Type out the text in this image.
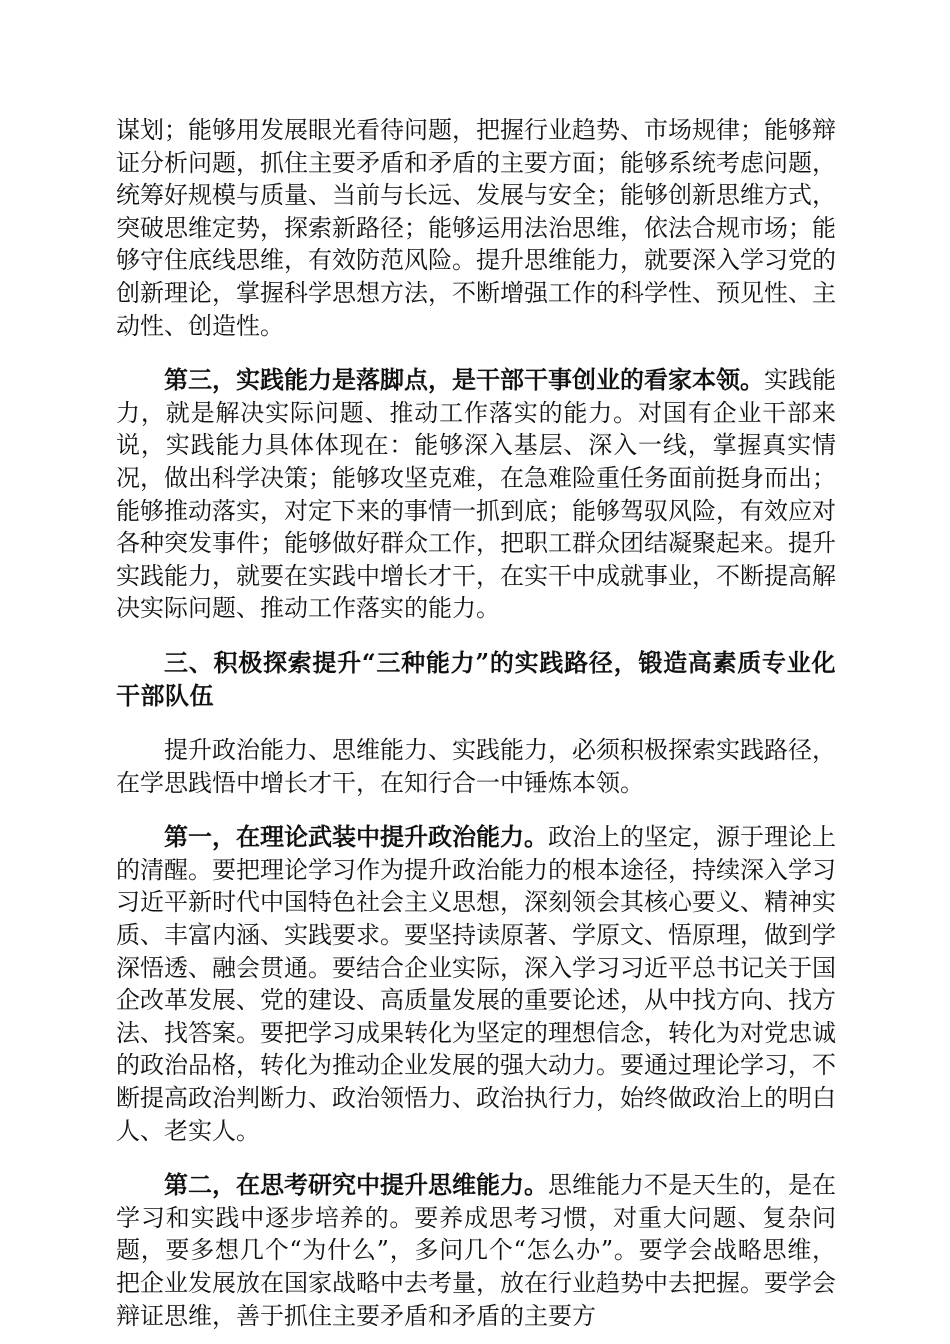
谋划；能够用发展眼光看待问题，把握行业趋势、市场规律；能够辩证分析问题，抓住主要矛盾和矛盾的主要方面；能够系统考虑问题，统筹好规模与质量、当前与长远、发展与安全；能够创新思维方式，突破思维定势，探索新路径；能够运用法治思维，依法合规市场；能够守住底线思维，有效防范风险。提升思维能力，就要深入学习党的创新理论，掌握科学思想方法，不断增强工作的科学性、预见性、主动性、创造性。

第三，实践能力是落脚点，是干部干事创业的看家本领。实践能力，就是解决实际问题、推动工作落实的能力。对国有企业干部来说，实践能力具体体现在：能够深入基层、深入一线，掌握真实情况，做出科学决策；能够攻坚克难，在急难险重任务面前挺身而出；能够推动落实，对定下来的事情一抓到底；能够驾驭风险，有效应对各种突发事件；能够做好群众工作，把职工群众团结凝聚起来。提升实践能力，就要在实践中增长才干，在实干中成就事业，不断提高解决实际问题、推动工作落实的能力。

三、积极探索提升“三种能力”的实践路径，锻造高素质专业化干部队伍

提升政治能力、思维能力、实践能力，必须积极探索实践路径，在学思践悟中增长才干，在知行合一中锤炼本领。

第一，在理论武装中提升政治能力。政治上的坚定，源于理论上的清醒。要把理论学习作为提升政治能力的根本途径，持续深入学习习近平新时代中国特色社会主义思想，深刻领会其核心要义、精神实质、丰富内涵、实践要求。要坚持读原著、学原文、悟原理，做到学深悟透、融会贯通。要结合企业实际，深入学习习近平总书记关于国企改革发展、党的建设、高质量发展的重要论述，从中找方向、找方法、找答案。要把学习成果转化为坚定的理想信念，转化为对党忠诚的政治品格，转化为推动企业发展的强大动力。要通过理论学习，不断提高政治判断力、政治领悟力、政治执行力，始终做政治上的明白人、老实人。

第二，在思考研究中提升思维能力。思维能力不是天生的，是在学习和实践中逐步培养的。要养成思考习惯，对重大问题、复杂问题，要多想几个“为什么”，多问几个“怎么办”。要学会战略思维，把企业发展放在国家战略中去考量，放在行业趋势中去把握。要学会辩证思维，善于抓住主要矛盾和矛盾的主要方
